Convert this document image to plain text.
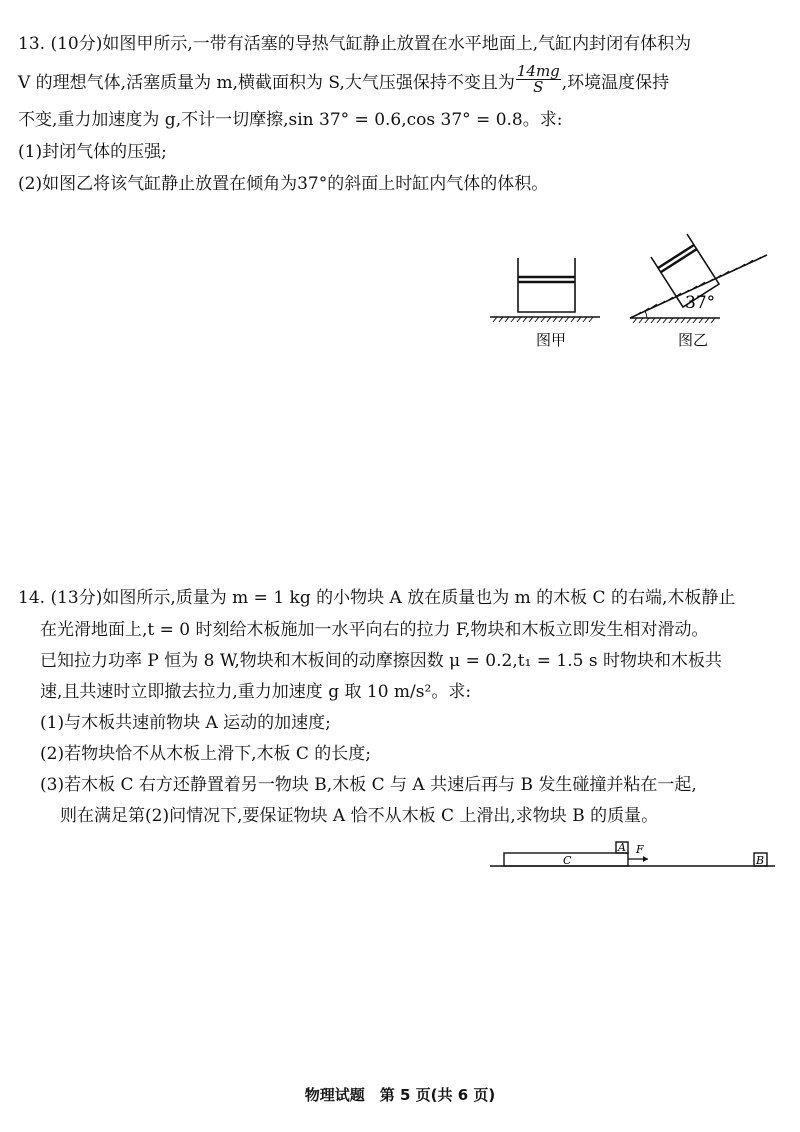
13. (10分)如图甲所示,一带有活塞的导热气缸静止放置在水平地面上,气缸内封闭有体积为
V 的理想气体,活塞质量为 m,横截面积为 S,大气压强保持不变且为 $\frac{14mg}{S}$ ,环境温度保持
不变,重力加速度为 g,不计一切摩擦,sin 37° = 0.6,cos 37° = 0.8。求:
(1)封闭气体的压强;
(2)如图乙将该气缸静止放置在倾角为37°的斜面上时缸内气体的体积。
图甲
37°
图乙
14. (13分)如图所示,质量为 m = 1 kg 的小物块 A 放在质量也为 m 的木板 C 的右端,木板静止
在光滑地面上,t = 0 时刻给木板施加一水平向右的拉力 F,物块和木板立即发生相对滑动。
已知拉力功率 P 恒为 8 W,物块和木板间的动摩擦因数 μ = 0.2,t₁ = 1.5 s 时物块和木板共
速,且共速时立即撤去拉力,重力加速度 g 取 10 m/s²。求:
(1)与木板共速前物块 A 运动的加速度;
(2)若物块恰不从木板上滑下,木板 C 的长度;
(3)若木板 C 右方还静置着另一物块 B,木板 C 与 A 共速后再与 B 发生碰撞并粘在一起,
则在满足第(2)问情况下,要保证物块 A 恰不从木板 C 上滑出,求物块 B 的质量。
C
A F
B
物理试题　第 5 页(共 6 页)
